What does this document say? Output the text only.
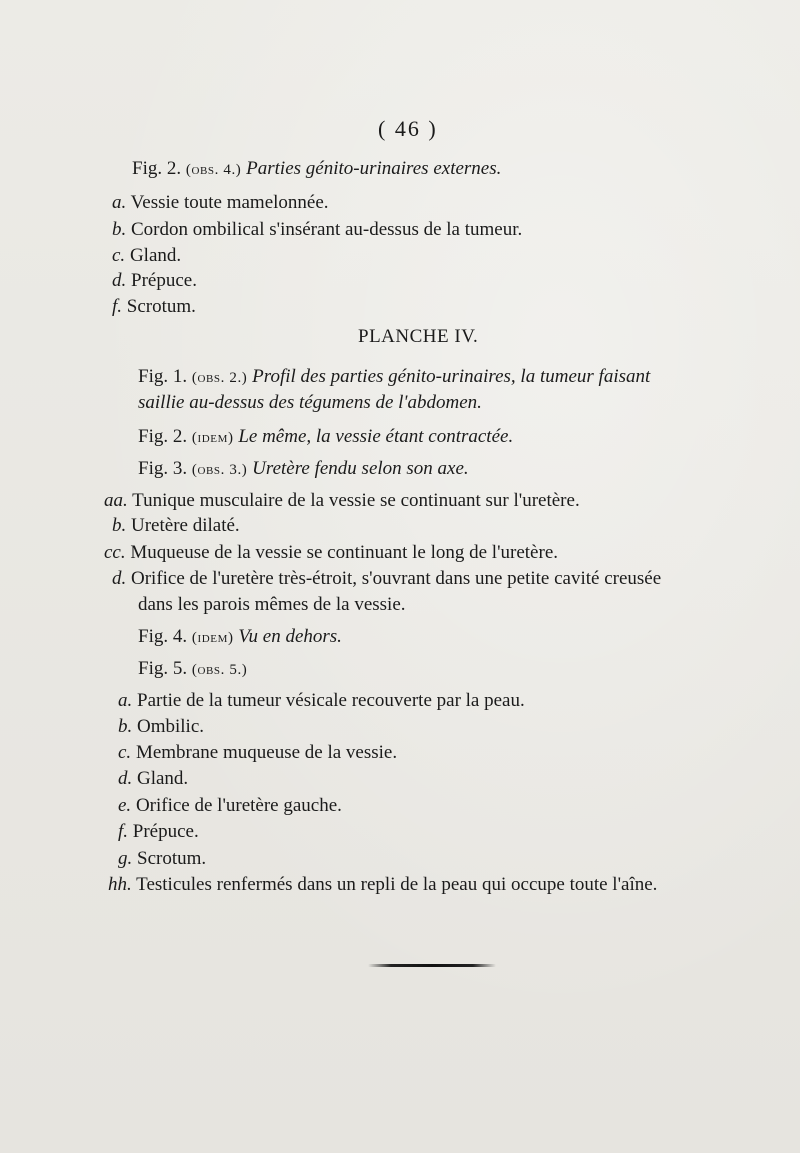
( 46 )
Fig. 2. (obs. 4.) Parties génito-urinaires externes.
a. Vessie toute mamelonnée.
b. Cordon ombilical s'insérant au-dessus de la tumeur.
c. Gland.
d. Prépuce.
f. Scrotum.
PLANCHE IV.
Fig. 1. (obs. 2.) Profil des parties génito-urinaires, la tumeur faisant
saillie au-dessus des tégumens de l'abdomen.
Fig. 2. (idem) Le même, la vessie étant contractée.
Fig. 3. (obs. 3.) Uretère fendu selon son axe.
aa. Tunique musculaire de la vessie se continuant sur l'uretère.
b. Uretère dilaté.
cc. Muqueuse de la vessie se continuant le long de l'uretère.
d. Orifice de l'uretère très-étroit, s'ouvrant dans une petite cavité creusée
dans les parois mêmes de la vessie.
Fig. 4. (idem) Vu en dehors.
Fig. 5. (obs. 5.)
a. Partie de la tumeur vésicale recouverte par la peau.
b. Ombilic.
c. Membrane muqueuse de la vessie.
d. Gland.
e. Orifice de l'uretère gauche.
f. Prépuce.
g. Scrotum.
hh. Testicules renfermés dans un repli de la peau qui occupe toute l'aîne.
